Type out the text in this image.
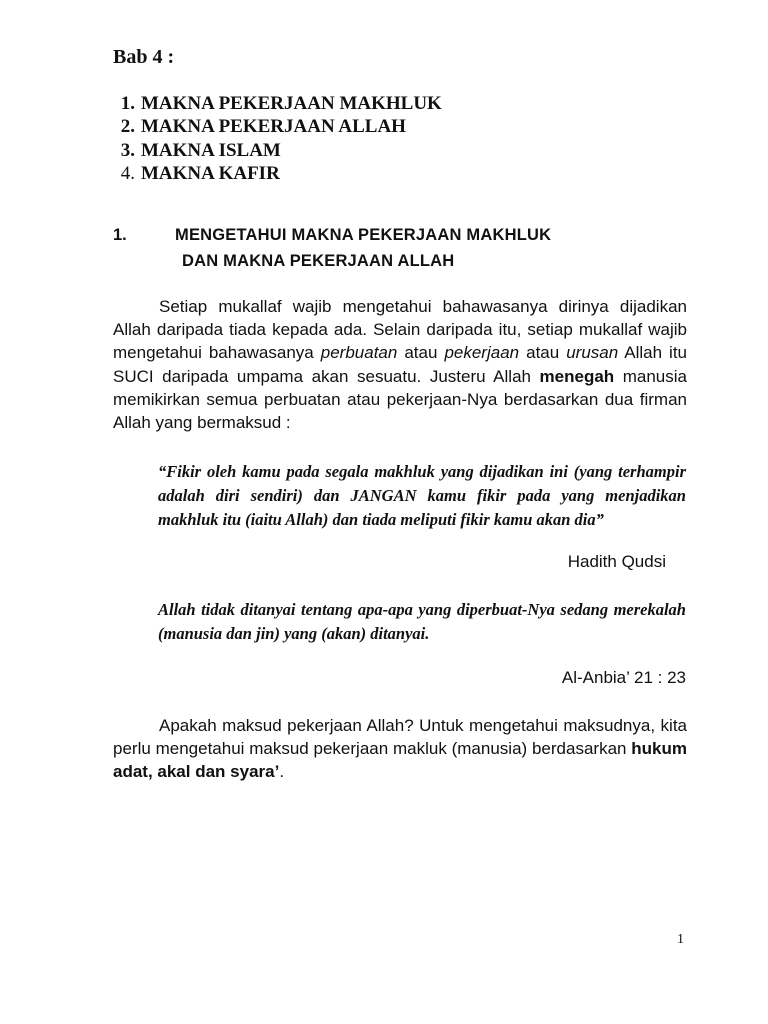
Bab 4 :
1. MAKNA PEKERJAAN MAKHLUK
2. MAKNA PEKERJAAN ALLAH
3. MAKNA ISLAM
4. MAKNA KAFIR
1.	MENGETAHUI MAKNA PEKERJAAN MAKHLUK
DAN MAKNA PEKERJAAN ALLAH

Setiap mukallaf wajib mengetahui bahawasanya dirinya dijadikan Allah daripada tiada kepada ada. Selain daripada itu, setiap mukallaf wajib mengetahui bahawasanya perbuatan atau pekerjaan atau urusan Allah itu SUCI daripada umpama akan sesuatu. Justeru Allah menegah manusia memikirkan semua perbuatan atau pekerjaan-Nya berdasarkan dua firman Allah yang bermaksud :

“Fikir oleh kamu pada segala makhluk yang dijadikan ini (yang terhampir adalah diri sendiri) dan JANGAN kamu fikir pada yang menjadikan makhluk itu (iaitu Allah) dan tiada meliputi fikir kamu akan dia”

Hadith Qudsi

Allah tidak ditanyai tentang apa-apa yang diperbuat-Nya sedang merekalah (manusia dan jin) yang (akan) ditanyai.

Al-Anbia’ 21 : 23

Apakah maksud pekerjaan Allah? Untuk mengetahui maksudnya, kita perlu mengetahui maksud pekerjaan makluk (manusia) berdasarkan hukum adat, akal dan syara’.

1
